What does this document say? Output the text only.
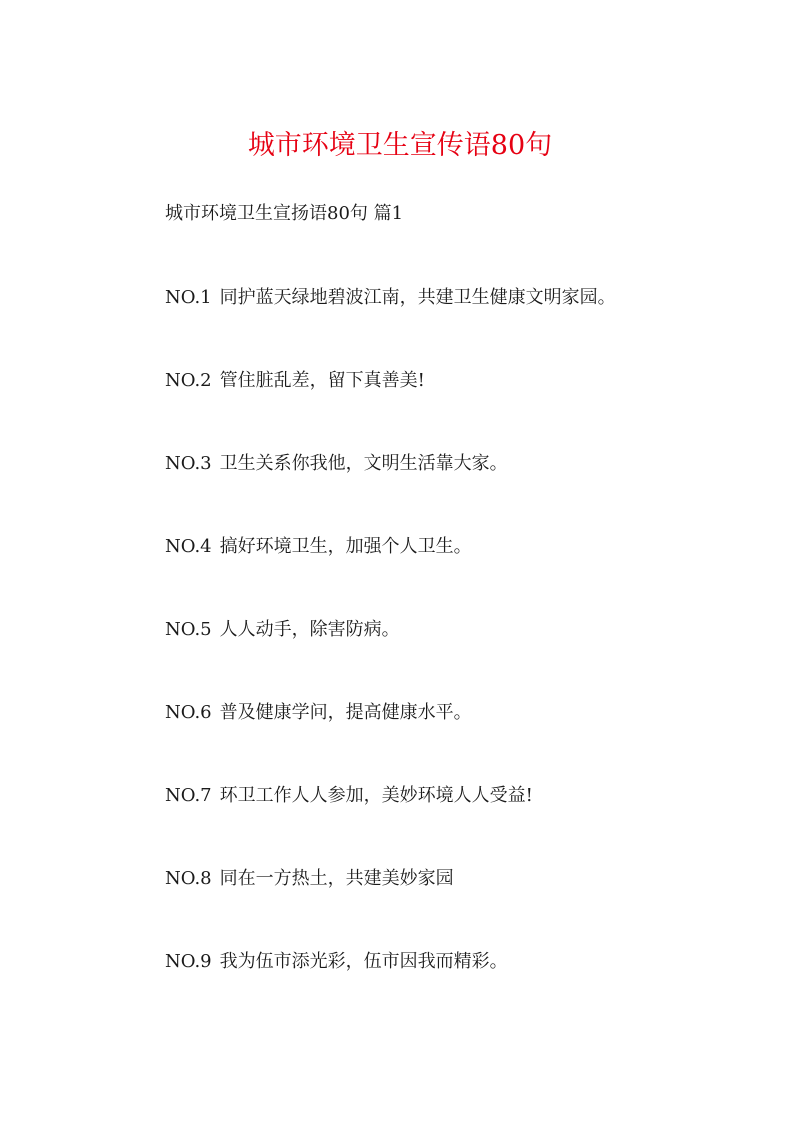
城市环境卫生宣传语80句

城市环境卫生宣扬语80句 篇1

NO.1 同护蓝天绿地碧波江南，共建卫生健康文明家园。
NO.2 管住脏乱差，留下真善美!
NO.3 卫生关系你我他，文明生活靠大家。
NO.4 搞好环境卫生，加强个人卫生。
NO.5 人人动手，除害防病。
NO.6 普及健康学问，提高健康水平。
NO.7 环卫工作人人参加，美妙环境人人受益!
NO.8 同在一方热土，共建美妙家园
NO.9 我为伍市添光彩，伍市因我而精彩。
